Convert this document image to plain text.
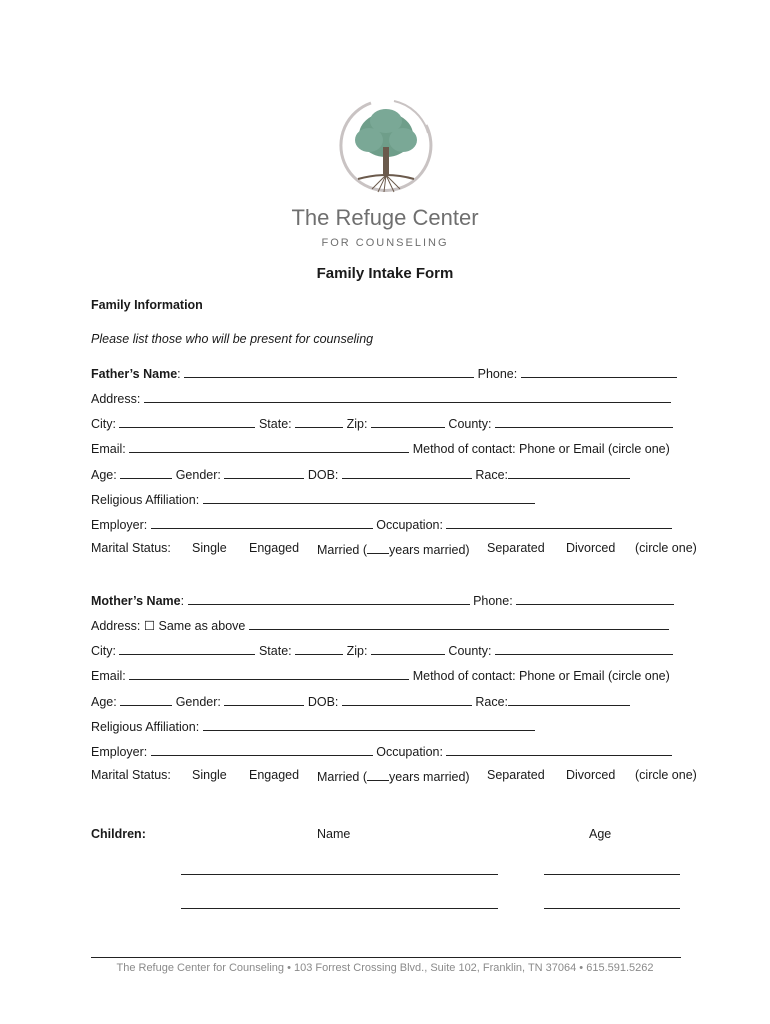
The Refuge Center
FOR COUNSELING
Family Intake Form
Family Information
Please list those who will be present for counseling
Father’s Name:	Phone:
Address:
City:	State:	Zip:	County:
Email:	Method of contact: Phone or Email (circle one)
Age:	Gender:	DOB:	Race:
Religious Affiliation:
Employer:	Occupation:
Marital Status: Single Engaged Married ( years married) Separated Divorced (circle one)
Mother’s Name:	Phone:
Address: ☐ Same as above
City:	State:	Zip:	County:
Email:	Method of contact: Phone or Email (circle one)
Age:	Gender:	DOB:	Race:
Religious Affiliation:
Employer:	Occupation:
Marital Status: Single Engaged Married ( years married) Separated Divorced (circle one)
Children:	Name	Age
The Refuge Center for Counseling • 103 Forrest Crossing Blvd., Suite 102, Franklin, TN 37064 • 615.591.5262
